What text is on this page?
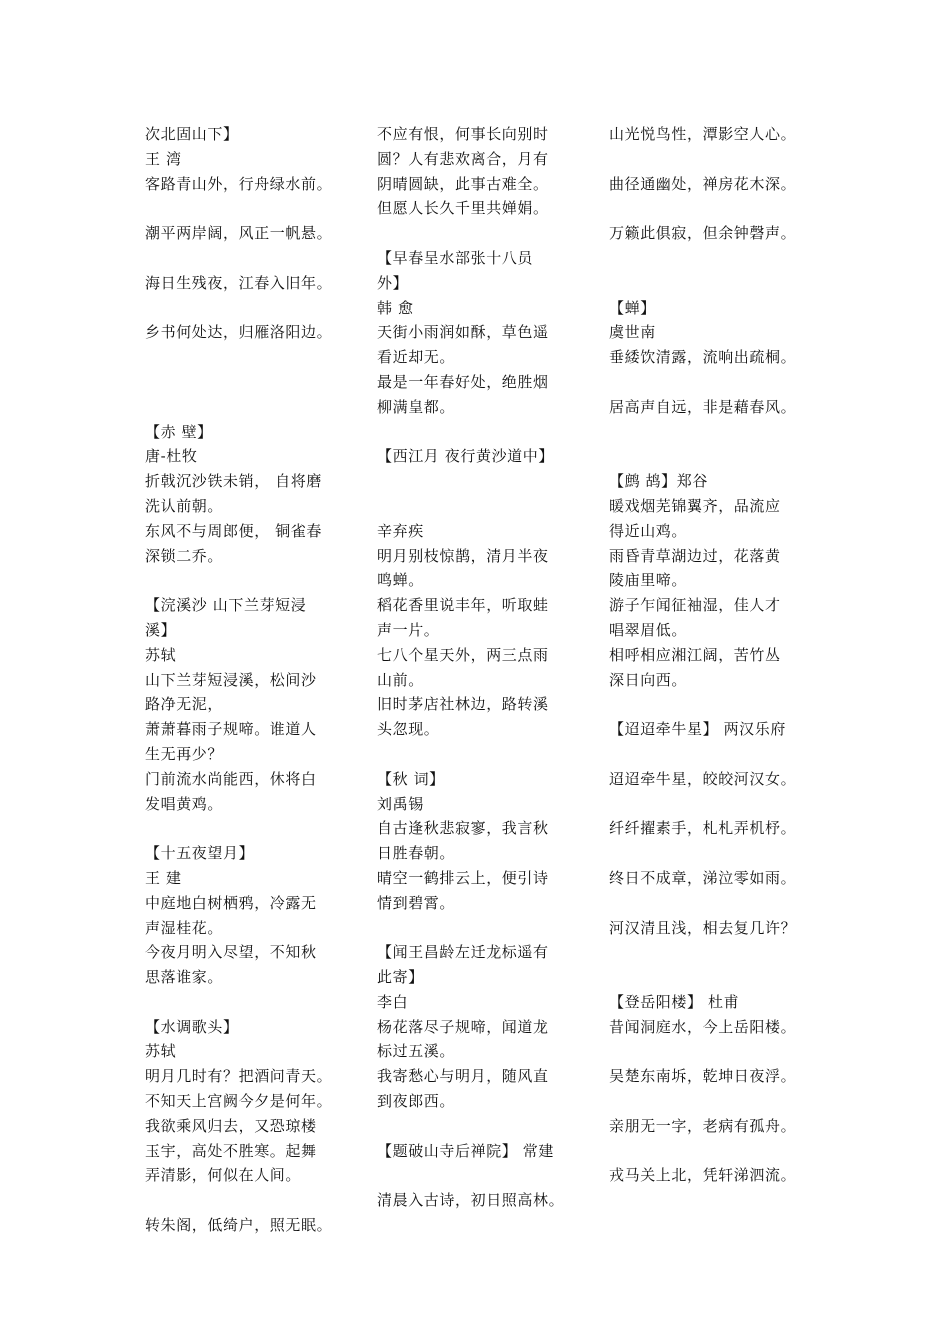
次北固山下】
王 湾
客路青山外，行舟绿水前。
潮平两岸阔，风正一帆悬。
海日生残夜，江春入旧年。
乡书何处达，归雁洛阳边。
【赤 壁】
唐-杜牧
折戟沉沙铁未销， 自将磨
洗认前朝。
东风不与周郎便， 铜雀春
深锁二乔。
【浣溪沙 山下兰芽短浸
溪】
苏轼
山下兰芽短浸溪，松间沙
路净无泥，
萧萧暮雨子规啼。谁道人
生无再少？
门前流水尚能西，休将白
发唱黄鸡。
【十五夜望月】
王 建
中庭地白树栖鸦，冷露无
声湿桂花。
今夜月明入尽望，不知秋
思落谁家。
【水调歌头】
苏轼
明月几时有？把酒问青天。
不知天上宫阙今夕是何年。
我欲乘风归去，又恐琼楼
玉宇，高处不胜寒。起舞
弄清影，何似在人间。
转朱阁，低绮户，照无眠。
不应有恨，何事长向别时
圆？人有悲欢离合，月有
阴晴圆缺，此事古难全。
但愿人长久千里共婵娟。
【早春呈水部张十八员
外】
韩 愈
天街小雨润如酥，草色遥
看近却无。
最是一年春好处，绝胜烟
柳满皇都。
【西江月 夜行黄沙道中】
辛弃疾
明月别枝惊鹊，清月半夜
鸣蝉。
稻花香里说丰年，听取蛙
声一片。
七八个星天外，两三点雨
山前。
旧时茅店社林边，路转溪
头忽现。
【秋 词】
刘禹锡
自古逢秋悲寂寥，我言秋
日胜春朝。
晴空一鹤排云上，便引诗
情到碧霄。
【闻王昌龄左迁龙标遥有
此寄】
李白
杨花落尽子规啼，闻道龙
标过五溪。
我寄愁心与明月，随风直
到夜郎西。
【题破山寺后禅院】 常建
清晨入古诗，初日照高林。
山光悦鸟性，潭影空人心。
曲径通幽处，禅房花木深。
万籁此俱寂，但余钟磬声。
【蝉】
虞世南
垂緌饮清露，流响出疏桐。
居高声自远，非是藉春风。
【鹧 鸪】郑谷
暖戏烟芜锦翼齐，品流应
得近山鸡。
雨昏青草湖边过，花落黄
陵庙里啼。
游子乍闻征袖湿，佳人才
唱翠眉低。
相呼相应湘江阔，苦竹丛
深日向西。
【迢迢牵牛星】 两汉乐府
迢迢牵牛星，皎皎河汉女。
纤纤擢素手，札札弄机杼。
终日不成章，涕泣零如雨。
河汉清且浅，相去复几许？
【登岳阳楼】 杜甫
昔闻洞庭水，今上岳阳楼。
吴楚东南坼，乾坤日夜浮。
亲朋无一字，老病有孤舟。
戎马关上北，凭轩涕泗流。
